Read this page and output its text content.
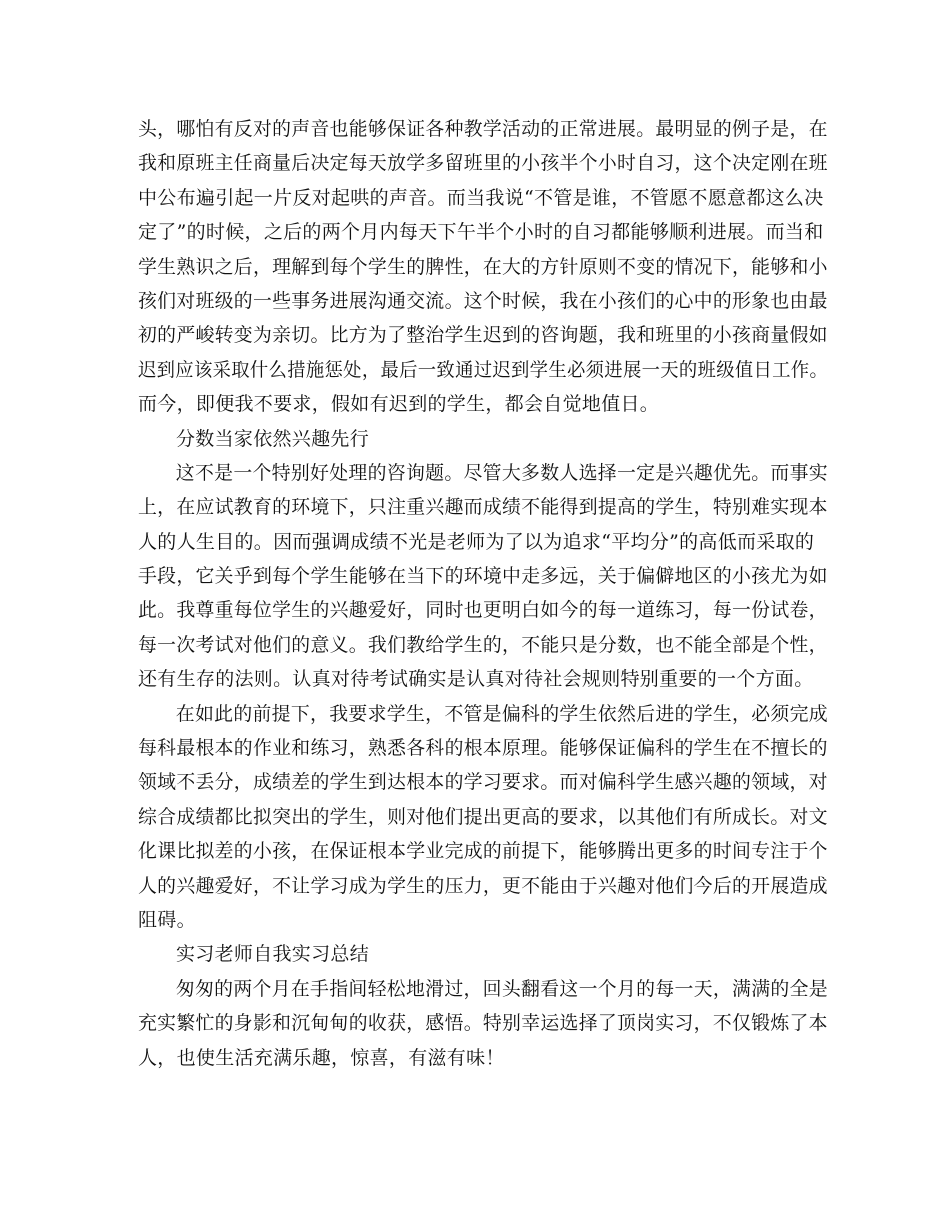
头，哪怕有反对的声音也能够保证各种教学活动的正常进展。最明显的例子是，在
我和原班主任商量后决定每天放学多留班里的小孩半个小时自习，这个决定刚在班
中公布遍引起一片反对起哄的声音。而当我说“不管是谁，不管愿不愿意都这么决
定了”的时候，之后的两个月内每天下午半个小时的自习都能够顺利进展。而当和
学生熟识之后，理解到每个学生的脾性，在大的方针原则不变的情况下，能够和小
孩们对班级的一些事务进展沟通交流。这个时候，我在小孩们的心中的形象也由最
初的严峻转变为亲切。比方为了整治学生迟到的咨询题，我和班里的小孩商量假如
迟到应该采取什么措施惩处，最后一致通过迟到学生必须进展一天的班级值日工作。
而今，即便我不要求，假如有迟到的学生，都会自觉地值日。
分数当家依然兴趣先行
这不是一个特别好处理的咨询题。尽管大多数人选择一定是兴趣优先。而事实
上，在应试教育的环境下，只注重兴趣而成绩不能得到提高的学生，特别难实现本
人的人生目的。因而强调成绩不光是老师为了以为追求“平均分”的高低而采取的
手段，它关乎到每个学生能够在当下的环境中走多远，关于偏僻地区的小孩尤为如
此。我尊重每位学生的兴趣爱好，同时也更明白如今的每一道练习，每一份试卷，
每一次考试对他们的意义。我们教给学生的，不能只是分数，也不能全部是个性，
还有生存的法则。认真对待考试确实是认真对待社会规则特别重要的一个方面。
在如此的前提下，我要求学生，不管是偏科的学生依然后进的学生，必须完成
每科最根本的作业和练习，熟悉各科的根本原理。能够保证偏科的学生在不擅长的
领域不丢分，成绩差的学生到达根本的学习要求。而对偏科学生感兴趣的领域，对
综合成绩都比拟突出的学生，则对他们提出更高的要求，以其他们有所成长。对文
化课比拟差的小孩，在保证根本学业完成的前提下，能够腾出更多的时间专注于个
人的兴趣爱好，不让学习成为学生的压力，更不能由于兴趣对他们今后的开展造成
阻碍。
实习老师自我实习总结
匆匆的两个月在手指间轻松地滑过，回头翻看这一个月的每一天，满满的全是
充实繁忙的身影和沉甸甸的收获，感悟。特别幸运选择了顶岗实习，不仅锻炼了本
人，也使生活充满乐趣，惊喜，有滋有味！
